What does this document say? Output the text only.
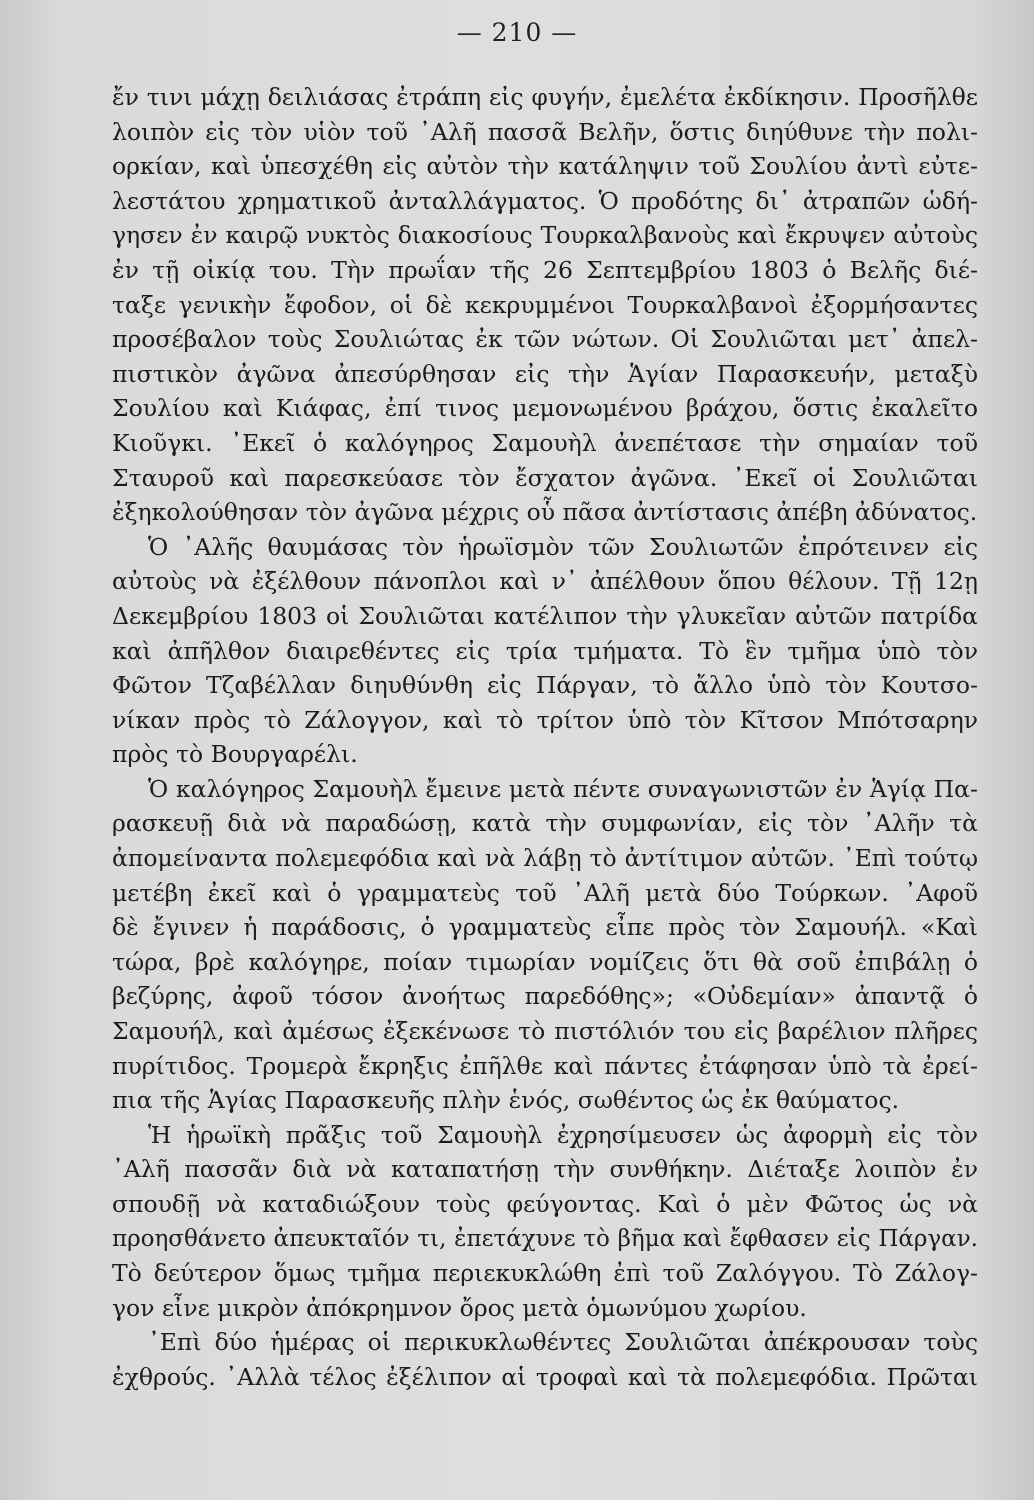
— 210 —
ἔν τινι μάχῃ δειλιάσας ἐτράπη εἰς φυγήν, ἐμελέτα ἐκδίκησιν. Προσῆλθε
λοιπὸν εἰς τὸν υἱὸν τοῦ ᾿Αλῆ πασσᾶ Βελῆν, ὅστις διηύθυνε τὴν πολι-
ορκίαν, καὶ ὑπεσχέθη εἰς αὐτὸν τὴν κατάληψιν τοῦ Σουλίου ἀντὶ εὐτε-
λεστάτου χρηματικοῦ ἀνταλλάγματος. Ὁ προδότης δι᾿ ἀτραπῶν ὡδή-
γησεν ἐν καιρῷ νυκτὸς διακοσίους Τουρκαλβανοὺς καὶ ἔκρυψεν αὐτοὺς
ἐν τῇ οἰκίᾳ του. Τὴν πρωΐαν τῆς 26 Σεπτεμβρίου 1803 ὁ Βελῆς διέ-
ταξε γενικὴν ἔφοδον, οἱ δὲ κεκρυμμένοι Τουρκαλβανοὶ ἐξορμήσαντες
προσέβαλον τοὺς Σουλιώτας ἐκ τῶν νώτων. Οἱ Σουλιῶται μετ᾿ ἀπελ-
πιστικὸν ἀγῶνα ἀπεσύρθησαν εἰς τὴν Ἁγίαν Παρασκευήν, μεταξὺ
Σουλίου καὶ Κιάφας, ἐπί τινος μεμονωμένου βράχου, ὅστις ἐκαλεῖτο
Κιοῦγκι. ᾿Εκεῖ ὁ καλόγηρος Σαμουὴλ ἀνεπέτασε τὴν σημαίαν τοῦ
Σταυροῦ καὶ παρεσκεύασε τὸν ἔσχατον ἀγῶνα. ᾿Εκεῖ οἱ Σουλιῶται
ἐξηκολούθησαν τὸν ἀγῶνα μέχρις οὗ πᾶσα ἀντίστασις ἀπέβη ἀδύνατος.
Ὁ ᾿Αλῆς θαυμάσας τὸν ἡρωϊσμὸν τῶν Σουλιωτῶν ἐπρότεινεν εἰς
αὐτοὺς νὰ ἐξέλθουν πάνοπλοι καὶ ν᾿ ἀπέλθουν ὅπου θέλουν. Τῇ 12ῃ
Δεκεμβρίου 1803 οἱ Σουλιῶται κατέλιπον τὴν γλυκεῖαν αὐτῶν πατρίδα
καὶ ἀπῆλθον διαιρεθέντες εἰς τρία τμήματα. Τὸ ἓν τμῆμα ὑπὸ τὸν
Φῶτον Τζαβέλλαν διηυθύνθη εἰς Πάργαν, τὸ ἄλλο ὑπὸ τὸν Κουτσο-
νίκαν πρὸς τὸ Ζάλογγον, καὶ τὸ τρίτον ὑπὸ τὸν Κῖτσον Μπότσαρην
πρὸς τὸ Βουργαρέλι.
Ὁ καλόγηρος Σαμουὴλ ἔμεινε μετὰ πέντε συναγωνιστῶν ἐν Ἁγίᾳ Πα-
ρασκευῇ διὰ νὰ παραδώσῃ, κατὰ τὴν συμφωνίαν, εἰς τὸν ᾿Αλῆν τὰ
ἀπομείναντα πολεμεφόδια καὶ νὰ λάβῃ τὸ ἀντίτιμον αὐτῶν. ᾿Επὶ τούτῳ
μετέβη ἐκεῖ καὶ ὁ γραμματεὺς τοῦ ᾿Αλῆ μετὰ δύο Τούρκων. ᾿Αφοῦ
δὲ ἔγινεν ἡ παράδοσις, ὁ γραμματεὺς εἶπε πρὸς τὸν Σαμουήλ. «Καὶ
τώρα, βρὲ καλόγηρε, ποίαν τιμωρίαν νομίζεις ὅτι θὰ σοῦ ἐπιβάλῃ ὁ
βεζύρης, ἀφοῦ τόσον ἀνοήτως παρεδόθης»; «Οὐδεμίαν» ἀπαντᾷ ὁ
Σαμουήλ, καὶ ἀμέσως ἐξεκένωσε τὸ πιστόλιόν του εἰς βαρέλιον πλῆρες
πυρίτιδος. Τρομερὰ ἔκρηξις ἐπῆλθε καὶ πάντες ἐτάφησαν ὑπὸ τὰ ἐρεί-
πια τῆς Ἁγίας Παρασκευῆς πλὴν ἑνός, σωθέντος ὡς ἐκ θαύματος.
Ἡ ἡρωϊκὴ πρᾶξις τοῦ Σαμουὴλ ἐχρησίμευσεν ὡς ἀφορμὴ εἰς τὸν
᾿Αλῆ πασσᾶν διὰ νὰ καταπατήσῃ τὴν συνθήκην. Διέταξε λοιπὸν ἐν
σπουδῇ νὰ καταδιώξουν τοὺς φεύγοντας. Καὶ ὁ μὲν Φῶτος ὡς νὰ
προησθάνετο ἀπευκταῖόν τι, ἐπετάχυνε τὸ βῆμα καὶ ἔφθασεν εἰς Πάργαν.
Τὸ δεύτερον ὅμως τμῆμα περιεκυκλώθη ἐπὶ τοῦ Ζαλόγγου. Τὸ Ζάλογ-
γον εἶνε μικρὸν ἀπόκρημνον ὄρος μετὰ ὁμωνύμου χωρίου.
᾿Επὶ δύο ἡμέρας οἱ περικυκλωθέντες Σουλιῶται ἀπέκρουσαν τοὺς
ἐχθρούς. ᾿Αλλὰ τέλος ἐξέλιπον αἱ τροφαὶ καὶ τὰ πολεμεφόδια. Πρῶται
